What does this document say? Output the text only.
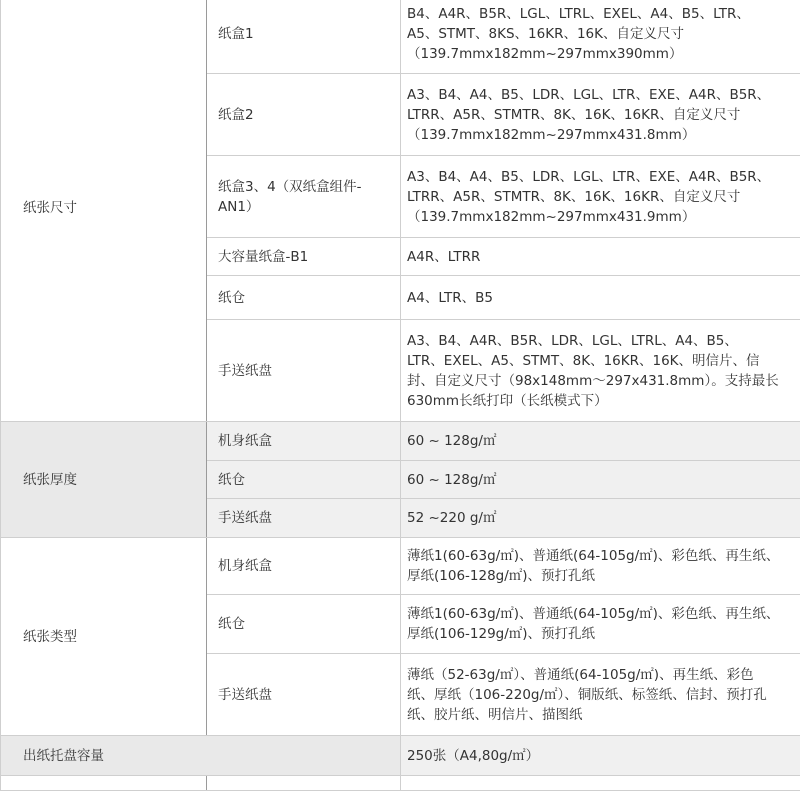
纸张尺寸	纸盒1	B4、A4R、B5R、LGL、LTRL、EXEL、A4、B5、LTR、
A5、STMT、8KS、16KR、16K、自定义尺寸
（139.7mmx182mm~297mmx390mm）

	纸盒2	A3、B4、A4、B5、LDR、LGL、LTR、EXE、A4R、B5R、
LTRR、A5R、STMTR、8K、16K、16KR、自定义尺寸
（139.7mmx182mm~297mmx431.8mm）

	纸盒3、4（双纸盒组件-
AN1）	A3、B4、A4、B5、LDR、LGL、LTR、EXE、A4R、B5R、
LTRR、A5R、STMTR、8K、16K、16KR、自定义尺寸
（139.7mmx182mm~297mmx431.9mm）

	大容量纸盒-B1	A4R、LTRR

	纸仓	A4、LTR、B5

	手送纸盘	A3、B4、A4R、B5R、LDR、LGL、LTRL、A4、B5、
LTR、EXEL、A5、STMT、8K、16KR、16K、明信片、信
封、自定义尺寸（98x148mm～297x431.8mm）。支持最长
630mm长纸打印（长纸模式下）

纸张厚度	机身纸盒	60 ~ 128g/㎡

	纸仓	60 ~ 128g/㎡

	手送纸盘	52 ~220 g/㎡

纸张类型	机身纸盒	薄纸1(60-63g/㎡)、普通纸(64-105g/㎡)、彩色纸、再生纸、
厚纸(106-128g/㎡)、预打孔纸

	纸仓	薄纸1(60-63g/㎡)、普通纸(64-105g/㎡)、彩色纸、再生纸、
厚纸(106-129g/㎡)、预打孔纸

	手送纸盘	薄纸（52-63g/㎡）、普通纸(64-105g/㎡)、再生纸、彩色
纸、厚纸（106-220g/㎡）、铜版纸、标签纸、信封、预打孔
纸、胶片纸、明信片、描图纸

出纸托盘容量		250张（A4,80g/㎡）
